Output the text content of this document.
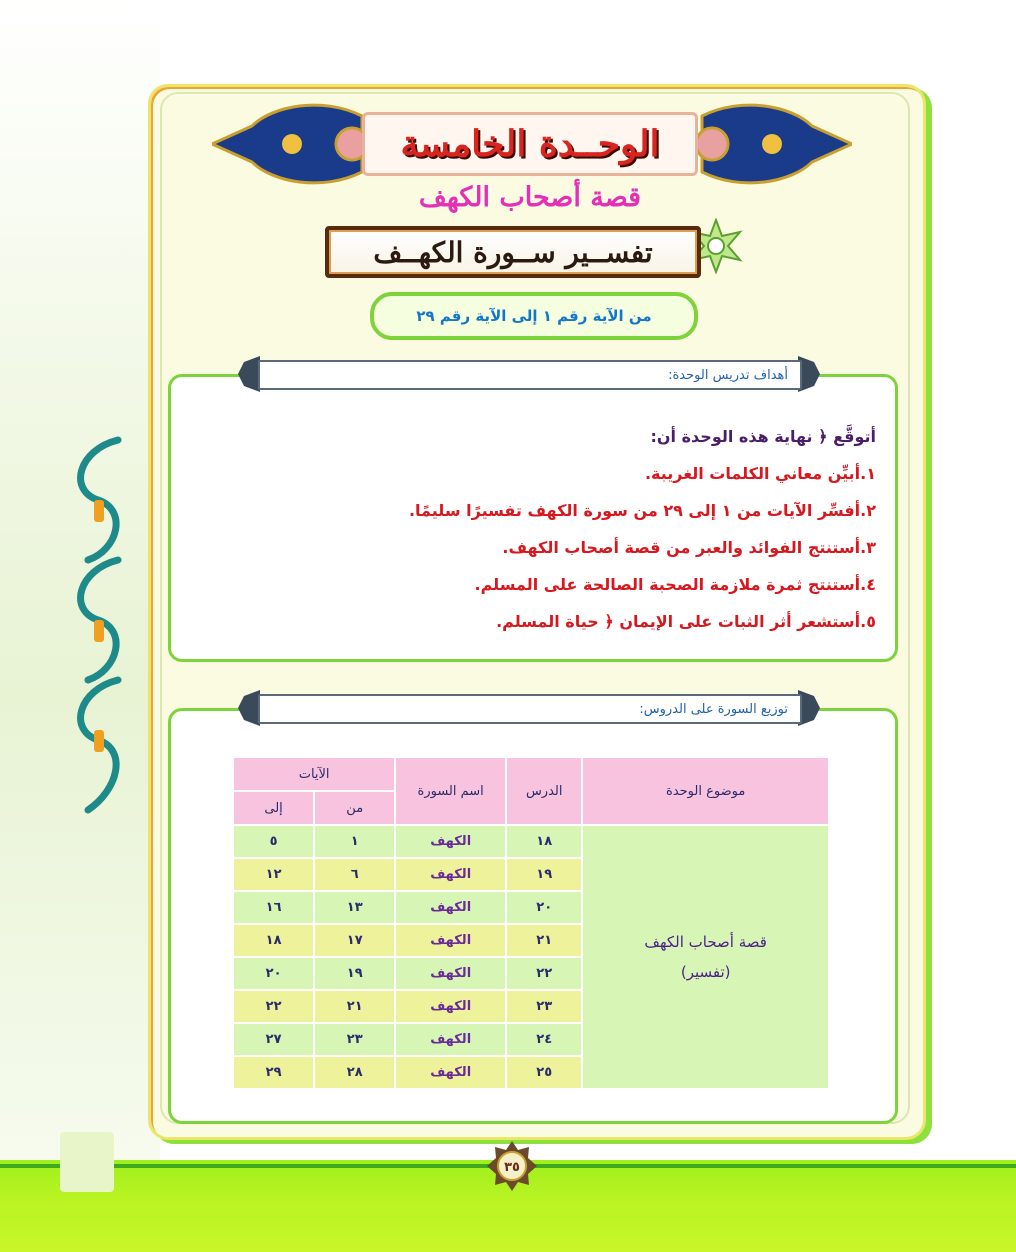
الوحــدة الخامسة
قصة أصحاب الكهف
تفســير ســورة الكهــف
من الآية رقم ١ إلى الآية رقم ٢٩
أهداف تدريس الوحدة:
أتوقَّع ﴿ نهاية هذه الوحدة أن:
١.أبيِّن معاني الكلمات الغريبة.
٢.أفسِّر الآيات من ١ إلى ٢٩ من سورة الكهف تفسيرًا سليمًا.
٣.أستنتج الفوائد والعبر من قصة أصحاب الكهف.
٤.أستنتج ثمرة ملازمة الصحبة الصالحة على المسلم.
٥.أستشعر أثر الثبات على الإيمان ﴿ حياة المسلم.
توزيع السورة على الدروس:
موضوع الوحدة	الدرس	اسم السورة	الآيات	
			من	إلى

قصة أصحاب الكهف
(تفسير)	١٨	الكهف	١	٥
	١٩	الكهف	٦	١٢
	٢٠	الكهف	١٣	١٦
	٢١	الكهف	١٧	١٨
	٢٢	الكهف	١٩	٢٠
	٢٣	الكهف	٢١	٢٢
	٢٤	الكهف	٢٣	٢٧
	٢٥	الكهف	٢٨	٢٩
٣٥
